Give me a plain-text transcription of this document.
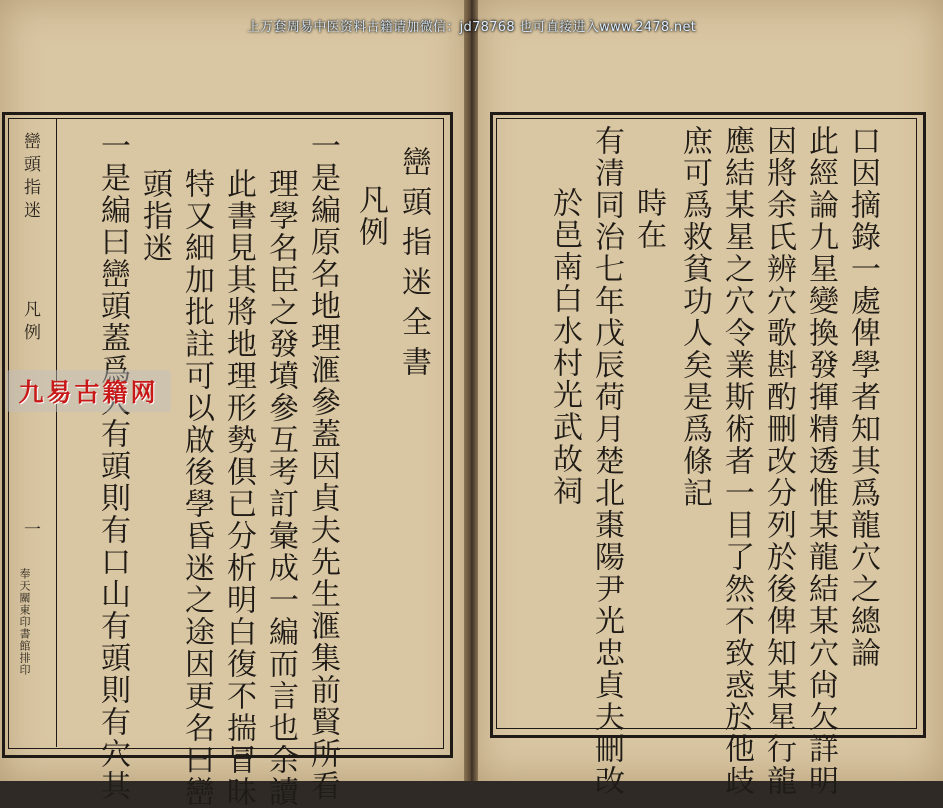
上万套周易中医资料古籍请加微信：jd78768 也可直接进入www.2478.net
巒頭指迷
凡例
一
奉天關東印書館排印
巒頭指迷全書
凡例
一是編原名地理滙參蓋因貞夫先生滙集前賢所看
理學名臣之發墳參互考訂彙成一編而言也余讀
此書見其將地理形勢俱已分析明白復不揣冒昧
特又細加批註可以啟後學昏迷之途因更名曰巒
頭指迷
一是編曰巒頭蓋爲人有頭則有口山有頭則有穴其	口因摘錄一處俾學者知其爲龍穴之總論
此經論九星變換發揮精透惟某龍結某穴尙欠詳明
因將余氏辨穴歌斟酌刪改分列於後俾知某星行龍
應結某星之穴令業斯術者一目了然不致惑於他歧
庶可爲救貧功人矣是爲條記
時在
有清同治七年戊辰荷月楚北棗陽尹光忠貞夫刪改
於邑南白水村光武故祠
九易古籍网
